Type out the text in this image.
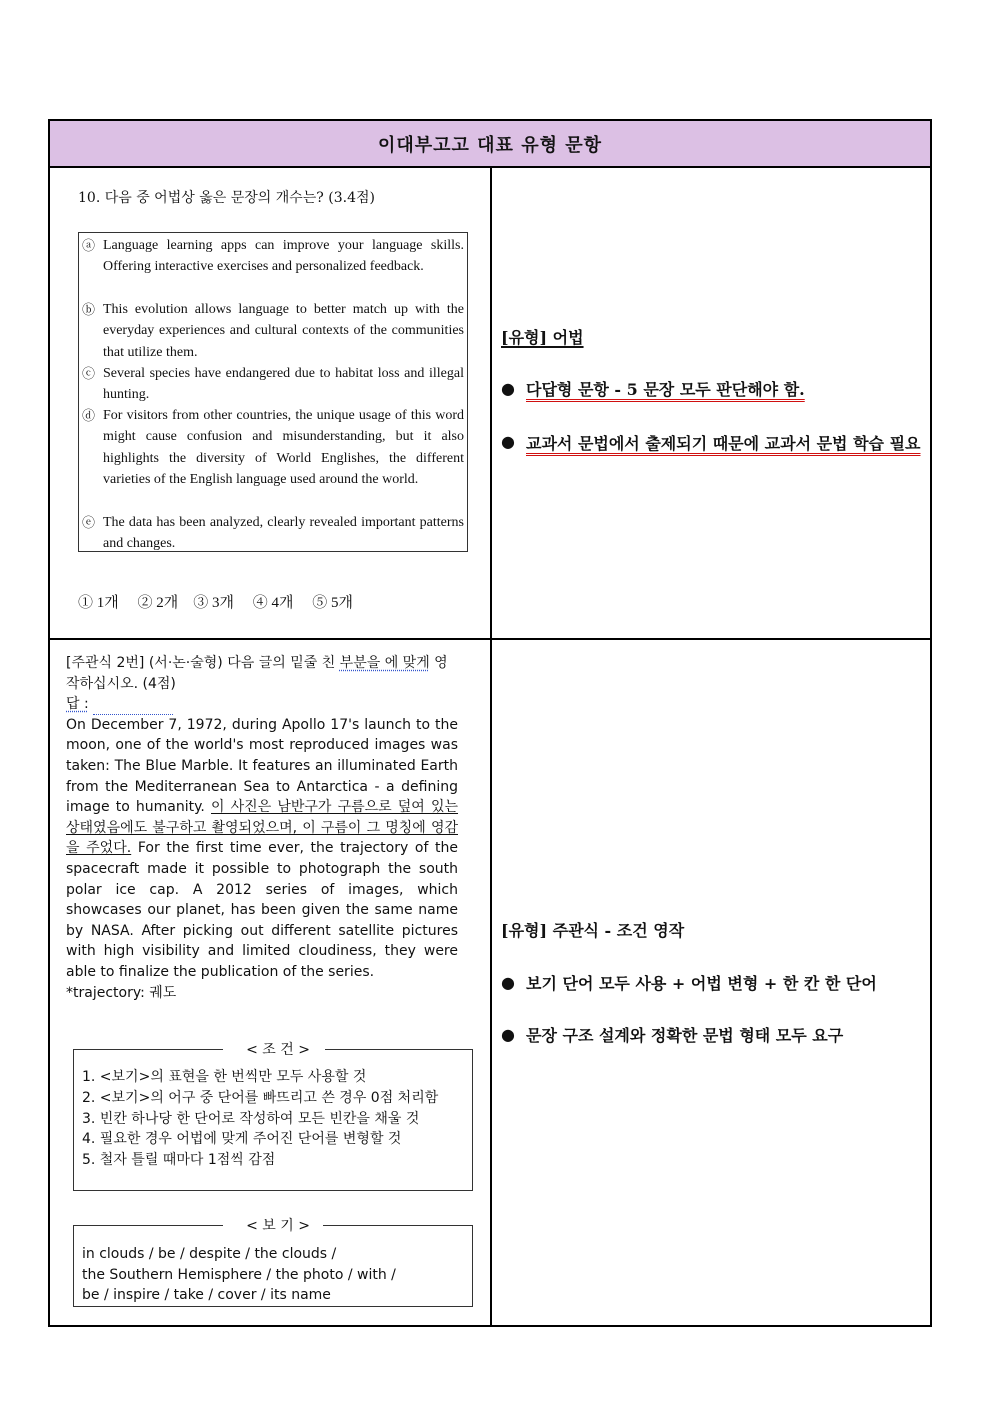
이대부고고 대표 유형 문항
10. 다음 중 어법상 옳은 문장의 개수는? (3.4점)
ⓐ Language learning apps can improve your language skills. Offering interactive exercises and personalized feedback.
ⓑ This evolution allows language to better match up with the everyday experiences and cultural contexts of the communities that utilize them.
ⓒ Several species have endangered due to habitat loss and illegal hunting.
ⓓ For visitors from other countries, the unique usage of this word might cause confusion and misunderstanding, but it also highlights the diversity of World Englishes, the different varieties of the English language used around the world.
ⓔ The data has been analyzed, clearly revealed important patterns and changes.
① 1개     ② 2개    ③ 3개     ④ 4개     ⑤ 5개
[유형] 어법
● 다답형 문항 - 5 문장 모두 판단해야 함.
● 교과서 문법에서 출제되기 때문에 교과서 문법 학습 필요

[주관식 2번] (서·논·술형) 다음 글의 밑줄 친 부분을 에 맞게 영작하십시오. (4점)

답 :

On December 7, 1972, during Apollo 17's launch to the moon, one of the world's most reproduced images was taken: The Blue Marble. It features an illuminated Earth from the Mediterranean Sea to Antarctica - a defining image to humanity. 이 사진은 남반구가 구름으로 덮여 있는 상태였음에도 불구하고 촬영되었으며, 이 구름이 그 명칭에 영감을 주었다. For the first time ever, the trajectory of the spacecraft made it possible to photograph the south polar ice cap. A 2012 series of images, which showcases our planet, has been given the same name by NASA. After picking out different satellite pictures with high visibility and limited cloudiness, they were able to finalize the publication of the series.

*trajectory: 궤도

< 조 건 >
1. <보기>의 표현을 한 번씩만 모두 사용할 것
2. <보기>의 어구 중 단어를 빠뜨리고 쓴 경우 0점 처리함
3. 빈칸 하나당 한 단어로 작성하여 모든 빈칸을 채울 것
4. 필요한 경우 어법에 맞게 주어진 단어를 변형할 것
5. 철자 틀릴 때마다 1점씩 감점
< 보 기 >
in clouds / be / despite / the clouds /
the Southern Hemisphere / the photo / with /
be / inspire / take / cover / its name
[유형] 주관식 - 조건 영작
● 보기 단어 모두 사용 + 어법 변형 + 한 칸 한 단어
● 문장 구조 설계와 정확한 문법 형태 모두 요구
